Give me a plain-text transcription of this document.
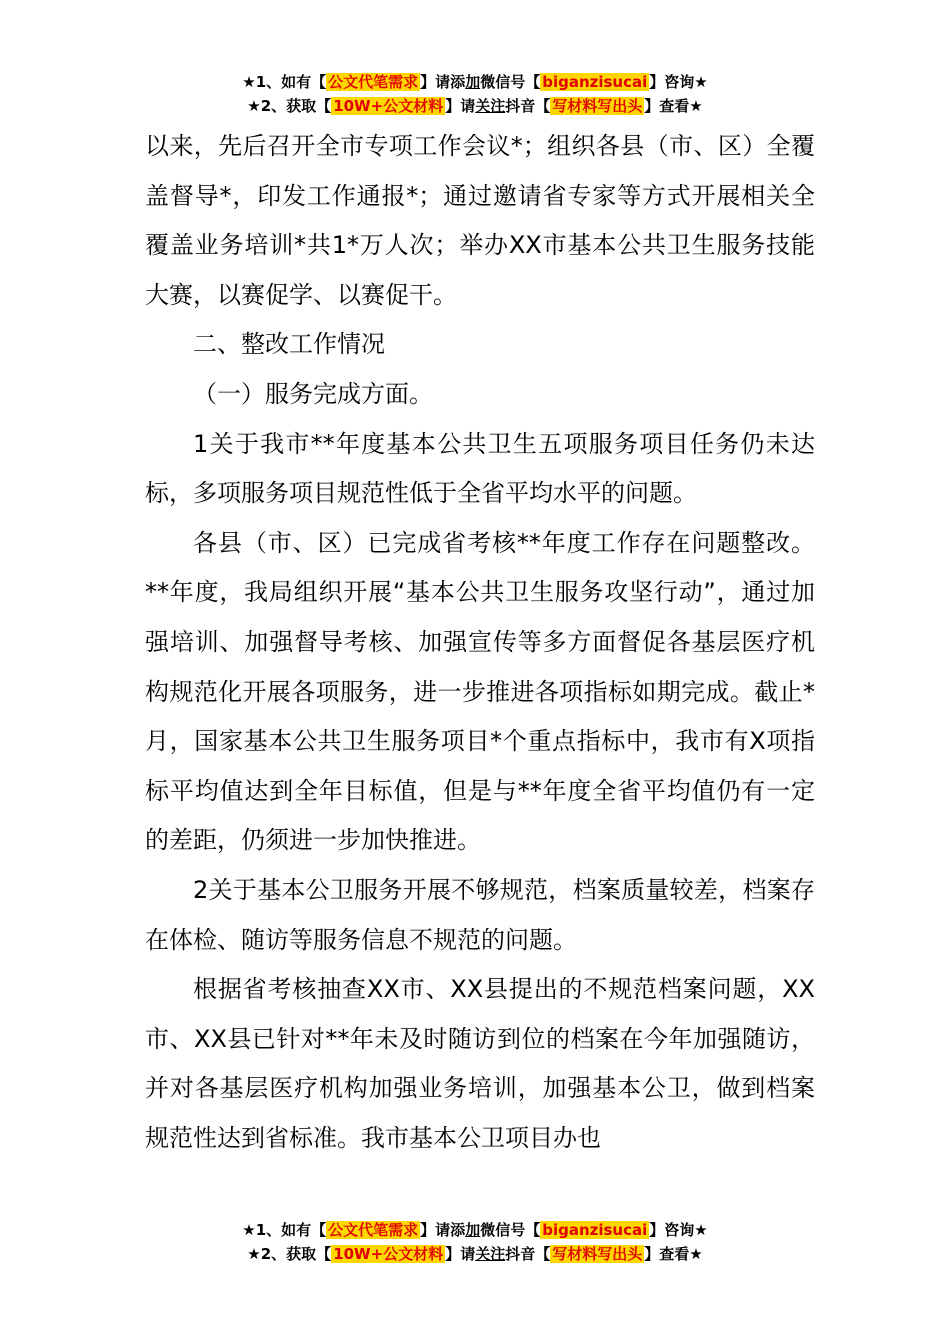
★1、如有【 公文代笔需求 】请添加微信号【 biganzisucai 】咨询★
★2、获取【 10W+公文材料 】请关注抖音【 写材料写出头 】查看★

以来，先后召开全市专项工作会议*；组织各县（市、区）全覆盖督导*，印发工作通报*；通过邀请省专家等方式开展相关全覆盖业务培训*共1*万人次；举办XX市基本公共卫生服务技能大赛，以赛促学、以赛促干。

二、整改工作情况

（一）服务完成方面。

1关于我市**年度基本公共卫生五项服务项目任务仍未达标，多项服务项目规范性低于全省平均水平的问题。

各县（市、区）已完成省考核**年度工作存在问题整改。**年度，我局组织开展“基本公共卫生服务攻坚行动”，通过加强培训、加强督导考核、加强宣传等多方面督促各基层医疗机构规范化开展各项服务，进一步推进各项指标如期完成。截止*月，国家基本公共卫生服务项目*个重点指标中，我市有X项指标平均值达到全年目标值，但是与**年度全省平均值仍有一定的差距，仍须进一步加快推进。

2关于基本公卫服务开展不够规范，档案质量较差，档案存在体检、随访等服务信息不规范的问题。

根据省考核抽查XX市、XX县提出的不规范档案问题，XX市、XX县已针对**年未及时随访到位的档案在今年加强随访，并对各基层医疗机构加强业务培训，加强基本公卫，做到档案规范性达到省标准。我市基本公卫项目办也

★1、如有【 公文代笔需求 】请添加微信号【 biganzisucai 】咨询★
★2、获取【 10W+公文材料 】请关注抖音【 写材料写出头 】查看★
